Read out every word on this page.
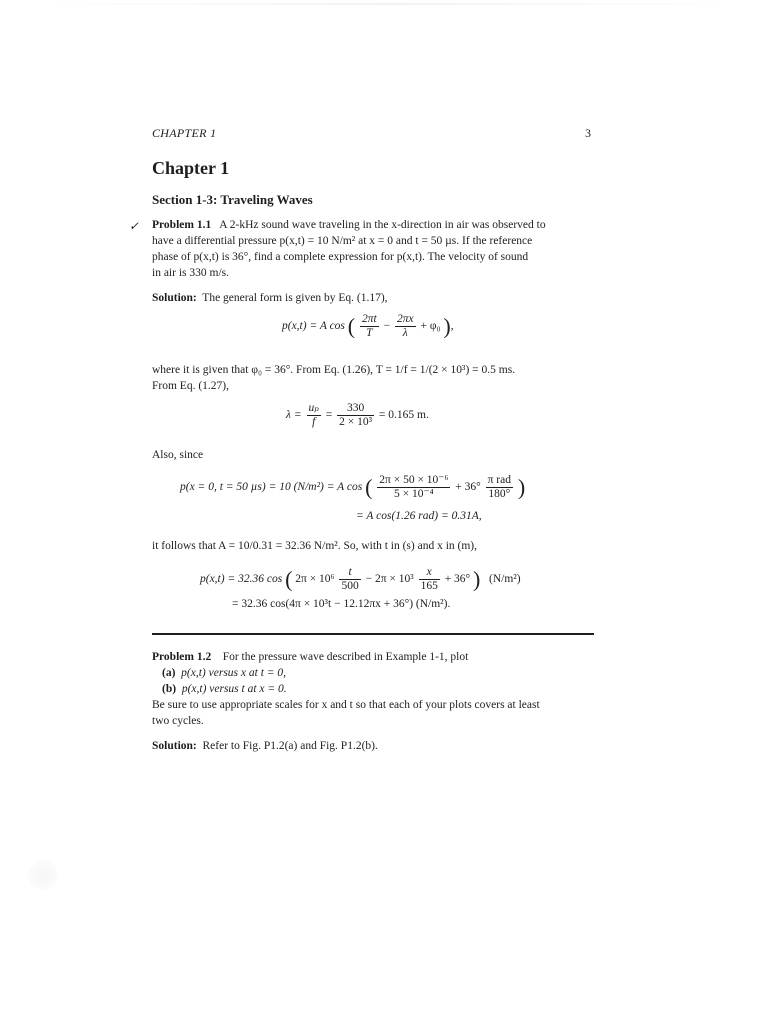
CHAPTER 1	3
Chapter 1
Section 1-3: Traveling Waves
✓ Problem 1.1 A 2-kHz sound wave traveling in the x-direction in air was observed to
have a differential pressure p(x,t) = 10 N/m² at x = 0 and t = 50 µs. If the reference
phase of p(x,t) is 36°, find a complete expression for p(x,t). The velocity of sound
in air is 330 m/s.
Solution: The general form is given by Eq. (1.17),
p(x,t) = A cos ( $\frac{2\pi t}{T} - \frac{2\pi x}{\lambda} + \varphi_0$ ),
where it is given that φ₀ = 36°. From Eq. (1.26), T = 1/f = 1/(2 × 10³) = 0.5 ms.
From Eq. (1.27),
$\lambda = \frac{\text{uₚ}}{f} = \frac{330}{\text{2 × 10³}} = 0.165$ m.
Also, since
p(x = 0, t = 50 µs) = 10 (N/m²) = A cos ( $\frac{\text{2π × 50 × 10⁻⁶}}{\text{5 × 10⁻⁴}} + 36^\circ \frac{\text{π rad}}{180^\circ}$ )
= A cos(1.26 rad) = 0.31A,
it follows that A = 10/0.31 = 32.36 N/m². So, with t in (s) and x in (m),
p(x,t) = 32.36 cos ( $2\pi \times 10^6 \frac{t}{500} - 2\pi \times 10^3 \frac{x}{165} + 36^\circ$ ) (N/m²)
= 32.36 cos(4π × 10³t − 12.12πx + 36°) (N/m²).
Problem 1.2 For the pressure wave described in Example 1-1, plot
(a) p(x,t) versus x at t = 0,
(b) p(x,t) versus t at x = 0.
Be sure to use appropriate scales for x and t so that each of your plots covers at least
two cycles.
Solution: Refer to Fig. P1.2(a) and Fig. P1.2(b).
